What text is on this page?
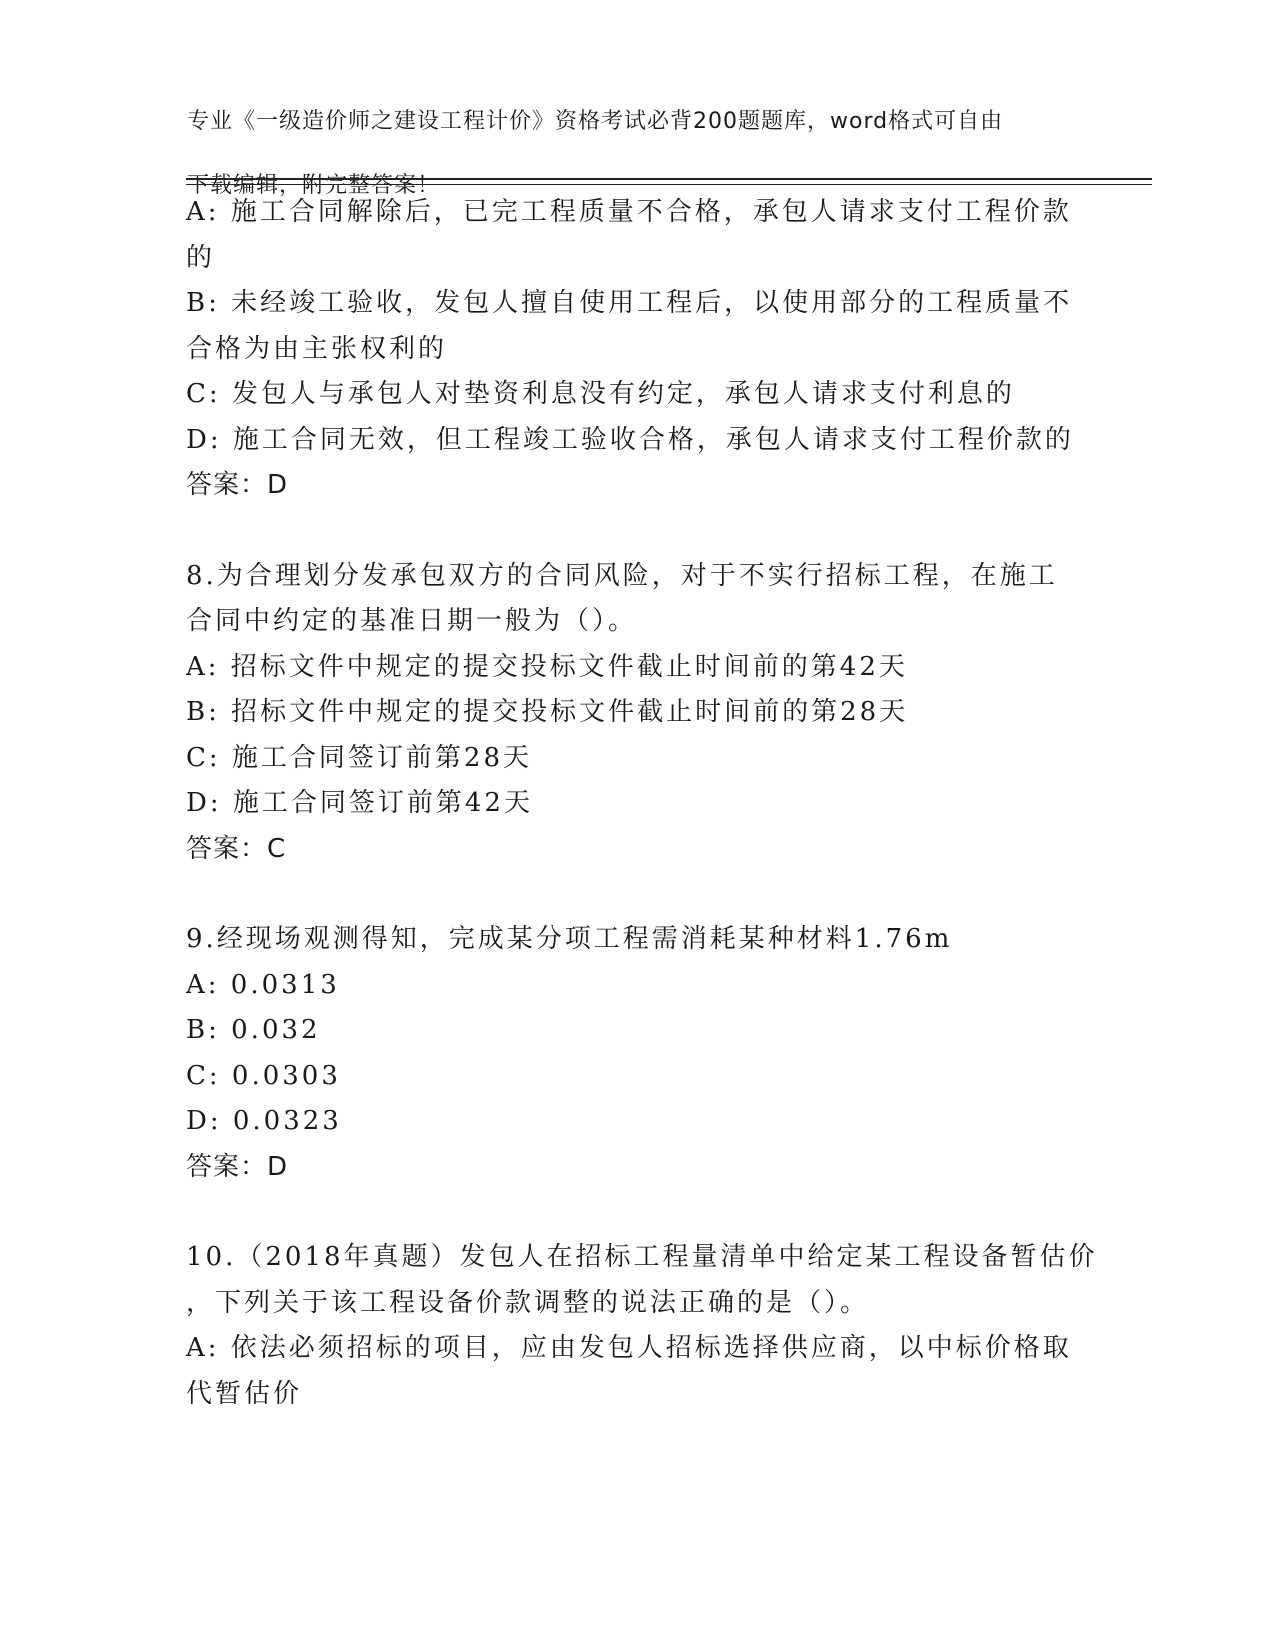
专业《一级造价师之建设工程计价》资格考试必背200题题库，word格式可自由

下载编辑，附完整答案！

A: 施工合同解除后，已完工程质量不合格，承包人请求支付工程价款
的
B: 未经竣工验收，发包人擅自使用工程后，以使用部分的工程质量不
合格为由主张权利的
C: 发包人与承包人对垫资利息没有约定，承包人请求支付利息的
D: 施工合同无效，但工程竣工验收合格，承包人请求支付工程价款的
答案：D
8.为合理划分发承包双方的合同风险，对于不实行招标工程，在施工
合同中约定的基准日期一般为（）。
A: 招标文件中规定的提交投标文件截止时间前的第42天
B: 招标文件中规定的提交投标文件截止时间前的第28天
C: 施工合同签订前第28天
D: 施工合同签订前第42天
答案：C
9.经现场观测得知，完成某分项工程需消耗某种材料1.76m
A: 0.0313
B: 0.032
C: 0.0303
D: 0.0323
答案：D
10.（2018年真题）发包人在招标工程量清单中给定某工程设备暂估价
，下列关于该工程设备价款调整的说法正确的是（）。
A: 依法必须招标的项目，应由发包人招标选择供应商，以中标价格取
代暂估价
